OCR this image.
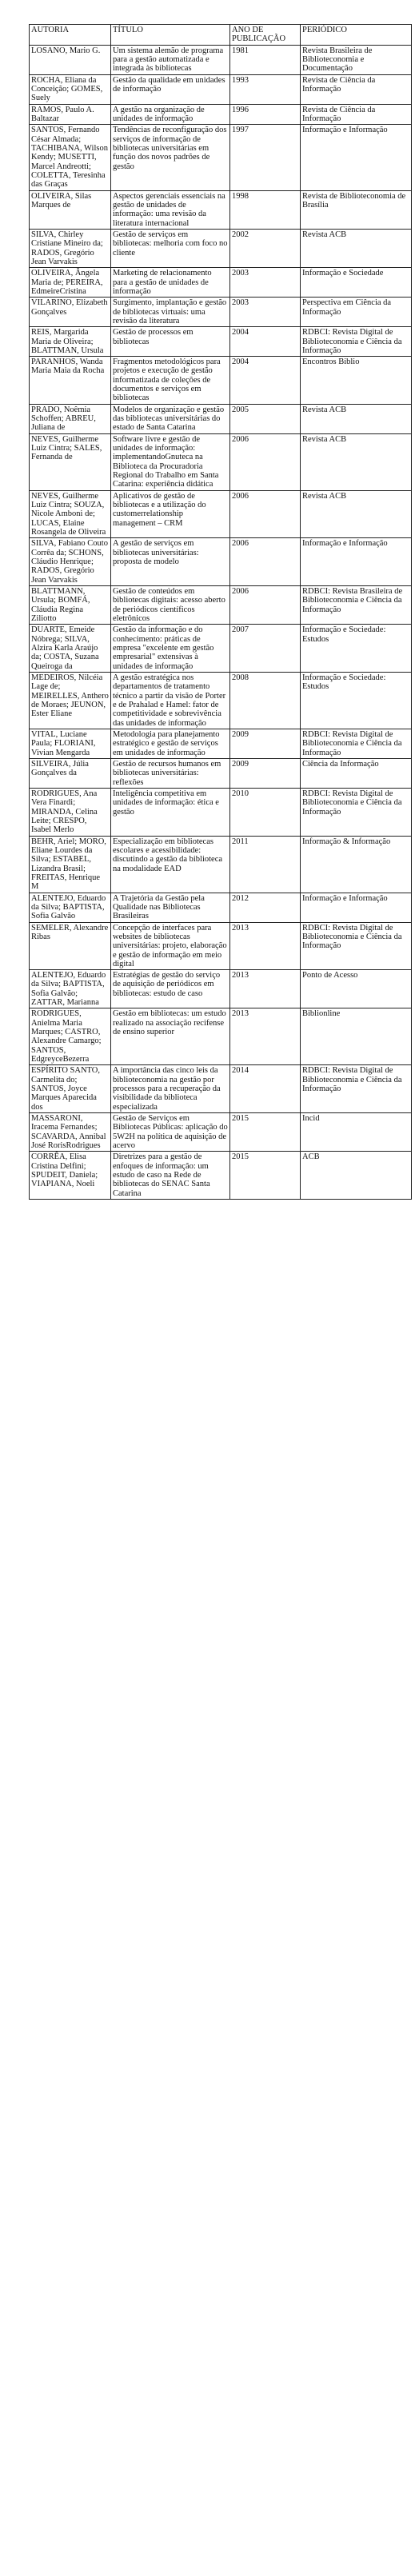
AUTORIA	TÍTULO	ANO DE PUBLICAÇÃO	PERIÓDICO
LOSANO, Mario G.	Um sistema alemão de programa para a gestão automatizada e integrada às bibliotecas	1981	Revista Brasileira de Biblioteconomia e Documentação
ROCHA, Eliana da Conceição; GOMES, Suely	Gestão da qualidade em unidades de informação	1993	Revista de Ciência da Informação
RAMOS, Paulo A. Baltazar	A gestão na organização de unidades de informação	1996	Revista de Ciência da Informação
SANTOS, Fernando César Almada; TACHIBANA, Wilson Kendy; MUSETTI, Marcel Andreotti; COLETTA, Teresinha das Graças	Tendências de reconfiguração dos serviços de informação de bibliotecas universitárias em função dos novos padrões de gestão	1997	Informação e Informação
OLIVEIRA, Silas Marques de	Aspectos gerenciais essenciais na gestão de unidades de informação: uma revisão da literatura internacional	1998	Revista de Biblioteconomia de Brasília
SILVA, Chirley Cristiane Mineiro da; RADOS, Gregório Jean Varvakis	Gestão de serviços em bibliotecas: melhoria com foco no cliente	2002	Revista ACB
OLIVEIRA, Ângela Maria de; PEREIRA, EdmeireCristina	Marketing de relacionamento para a gestão de unidades de informação	2003	Informação e Sociedade
VILARINO, Elizabeth Gonçalves	Surgimento, implantação e gestão de bibliotecas virtuais: uma revisão da literatura	2003	Perspectiva em Ciência da Informação
REIS, Margarida Maria de Oliveira; BLATTMAN, Ursula	Gestão de processos em bibliotecas	2004	RDBCI: Revista Digital de Biblioteconomia e Ciência da Informação
PARANHOS, Wanda Maria Maia da Rocha	Fragmentos metodológicos para projetos e execução de gestão informatizada de coleções de documentos e serviços em bibliotecas	2004	Encontros Biblio
PRADO, Noêmia Schoffen; ABREU, Juliana de	Modelos de organização e gestão das bibliotecas universitárias do estado de Santa Catarina	2005	Revista ACB
NEVES, Guilherme Luiz Cintra; SALES, Fernanda de	Software livre e gestão de unidades de informação: implementandoGnuteca na Biblioteca da Procuradoria Regional do Trabalho em Santa Catarina: experiência didática	2006	Revista ACB
NEVES, Guilherme Luiz Cintra; SOUZA, Nicole Amboni de; LUCAS, Elaine Rosangela de Oliveira	Aplicativos de gestão de bibliotecas e a utilização do customerrelationship management – CRM	2006	Revista ACB
SILVA, Fabiano Couto Corrêa da; SCHONS, Cláudio Henrique; RADOS, Gregório Jean Varvakis	A gestão de serviços em bibliotecas universitárias: proposta de modelo	2006	Informação e Informação
BLATTMANN, Ursula; BOMFÁ, Cláudia Regina Ziliotto	Gestão de conteúdos em bibliotecas digitais: acesso aberto de periódicos científicos eletrônicos	2006	RDBCI: Revista Brasileira de Biblioteconomia e Ciência da Informação
DUARTE, Emeide Nóbrega; SILVA, Alzira Karla Araújo da; COSTA, Suzana Queiroga da	Gestão da informação e do conhecimento: práticas de empresa "excelente em gestão empresarial" extensivas à unidades de informação	2007	Informação e Sociedade: Estudos
MEDEIROS, Nilcéia Lage de; MEIRELLES, Anthero de Moraes; JEUNON, Ester Eliane	A gestão estratégica nos departamentos de tratamento técnico a partir da visão de Porter e de Prahalad e Hamel: fator de competitividade e sobrevivência das unidades de informação	2008	Informação e Sociedade: Estudos
VITAL, Luciane Paula; FLORIANI, Vivian Mengarda	Metodologia para planejamento estratégico e gestão de serviços em unidades de informação	2009	RDBCI: Revista Digital de Biblioteconomia e Ciência da Informação
SILVEIRA, Júlia Gonçalves da	Gestão de recursos humanos em bibliotecas universitárias: reflexões	2009	Ciência da Informação
RODRIGUES, Ana Vera Finardi; MIRANDA, Celina Leite; CRESPO, Isabel Merlo	Inteligência competitiva em unidades de informação: ética e gestão	2010	RDBCI: Revista Digital de Biblioteconomia e Ciência da Informação
BEHR, Ariel; MORO, Eliane Lourdes da Silva; ESTABEL, Lizandra Brasil; FREITAS, Henrique M	Especialização em bibliotecas escolares e acessibilidade: discutindo a gestão da biblioteca na modalidade EAD	2011	Informação & Informação
ALENTEJO, Eduardo da Silva; BAPTISTA, Sofia Galvão	A Trajetória da Gestão pela Qualidade nas Bibliotecas Brasileiras	2012	Informação e Informação
SEMELER, Alexandre Ribas	Concepção de interfaces para websites de bibliotecas universitárias: projeto, elaboração e gestão de informação em meio digital	2013	RDBCI: Revista Digital de Biblioteconomia e Ciência da Informação
ALENTEJO, Eduardo da Silva; BAPTISTA, Sofia Galvão; ZATTAR, Marianna	Estratégias de gestão do serviço de aquisição de periódicos em bibliotecas: estudo de caso	2013	Ponto de Acesso
RODRIGUES, Anielma Maria Marques; CASTRO, Alexandre Camargo; SANTOS, EdgreyceBezerra	Gestão em bibliotecas: um estudo realizado na associação recifense de ensino superior	2013	Biblionline
ESPÍRITO SANTO, Carmelita do; SANTOS, Joyce Marques Aparecida dos	A importância das cinco leis da biblioteconomia na gestão por processos para a recuperação da visibilidade da biblioteca especializada	2014	RDBCI: Revista Digital de Biblioteconomia e Ciência da Informação
MASSARONI, Iracema Fernandes; SCAVARDA, Annibal José RorisRodrigues	Gestão de Serviços em Bibliotecas Públicas: aplicação do 5W2H na política de aquisição de acervo	2015	Incid
CORRÊA, Elisa Cristina Delfini; SPUDEIT, Daniela; VIAPIANA, Noeli	Diretrizes para a gestão de enfoques de informação: um estudo de caso na Rede de bibliotecas do SENAC Santa Catarina	2015	ACB
